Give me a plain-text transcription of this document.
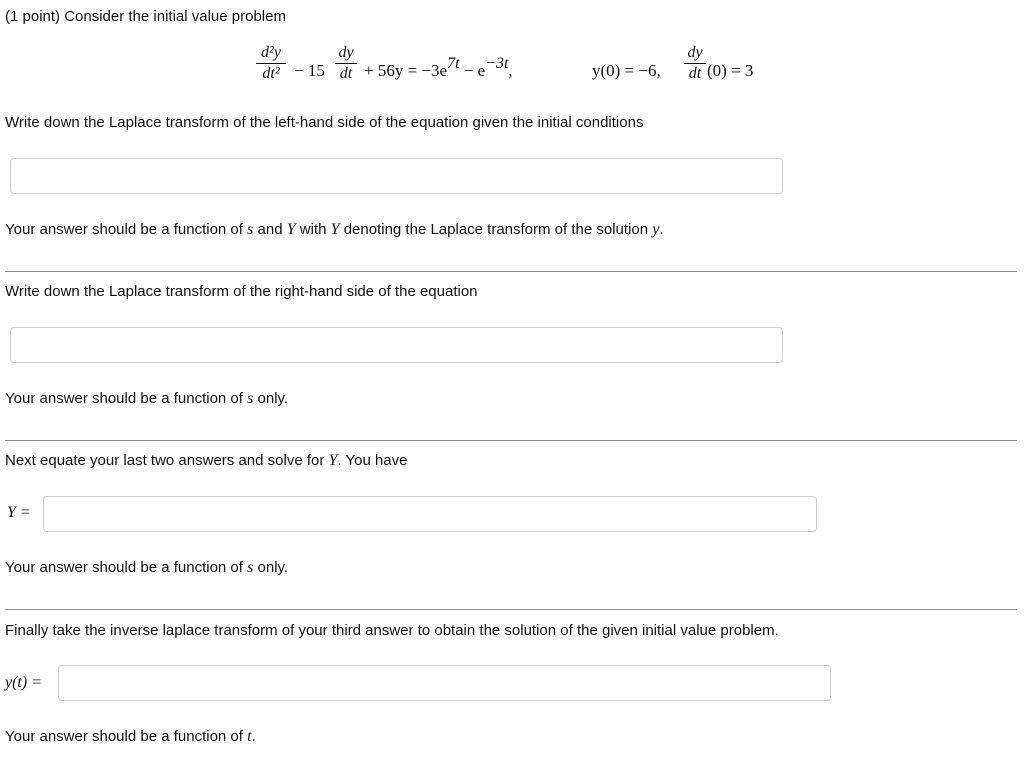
(1 point) Consider the initial value problem
d²y
dt² − 15
dy
dt + $56y = -3e^{7t} - e^{-3t}$,	y(0) = −6,
dy
dt (0) = 3
Write down the Laplace transform of the left-hand side of the equation given the initial conditions
Your answer should be a function of s and Y with Y denoting the Laplace transform of the solution y.
Write down the Laplace transform of the right-hand side of the equation
Your answer should be a function of s only.
Next equate your last two answers and solve for Y. You have
Y =
Your answer should be a function of s only.
Finally take the inverse laplace transform of your third answer to obtain the solution of the given initial value problem.
y(t) =
Your answer should be a function of t.
